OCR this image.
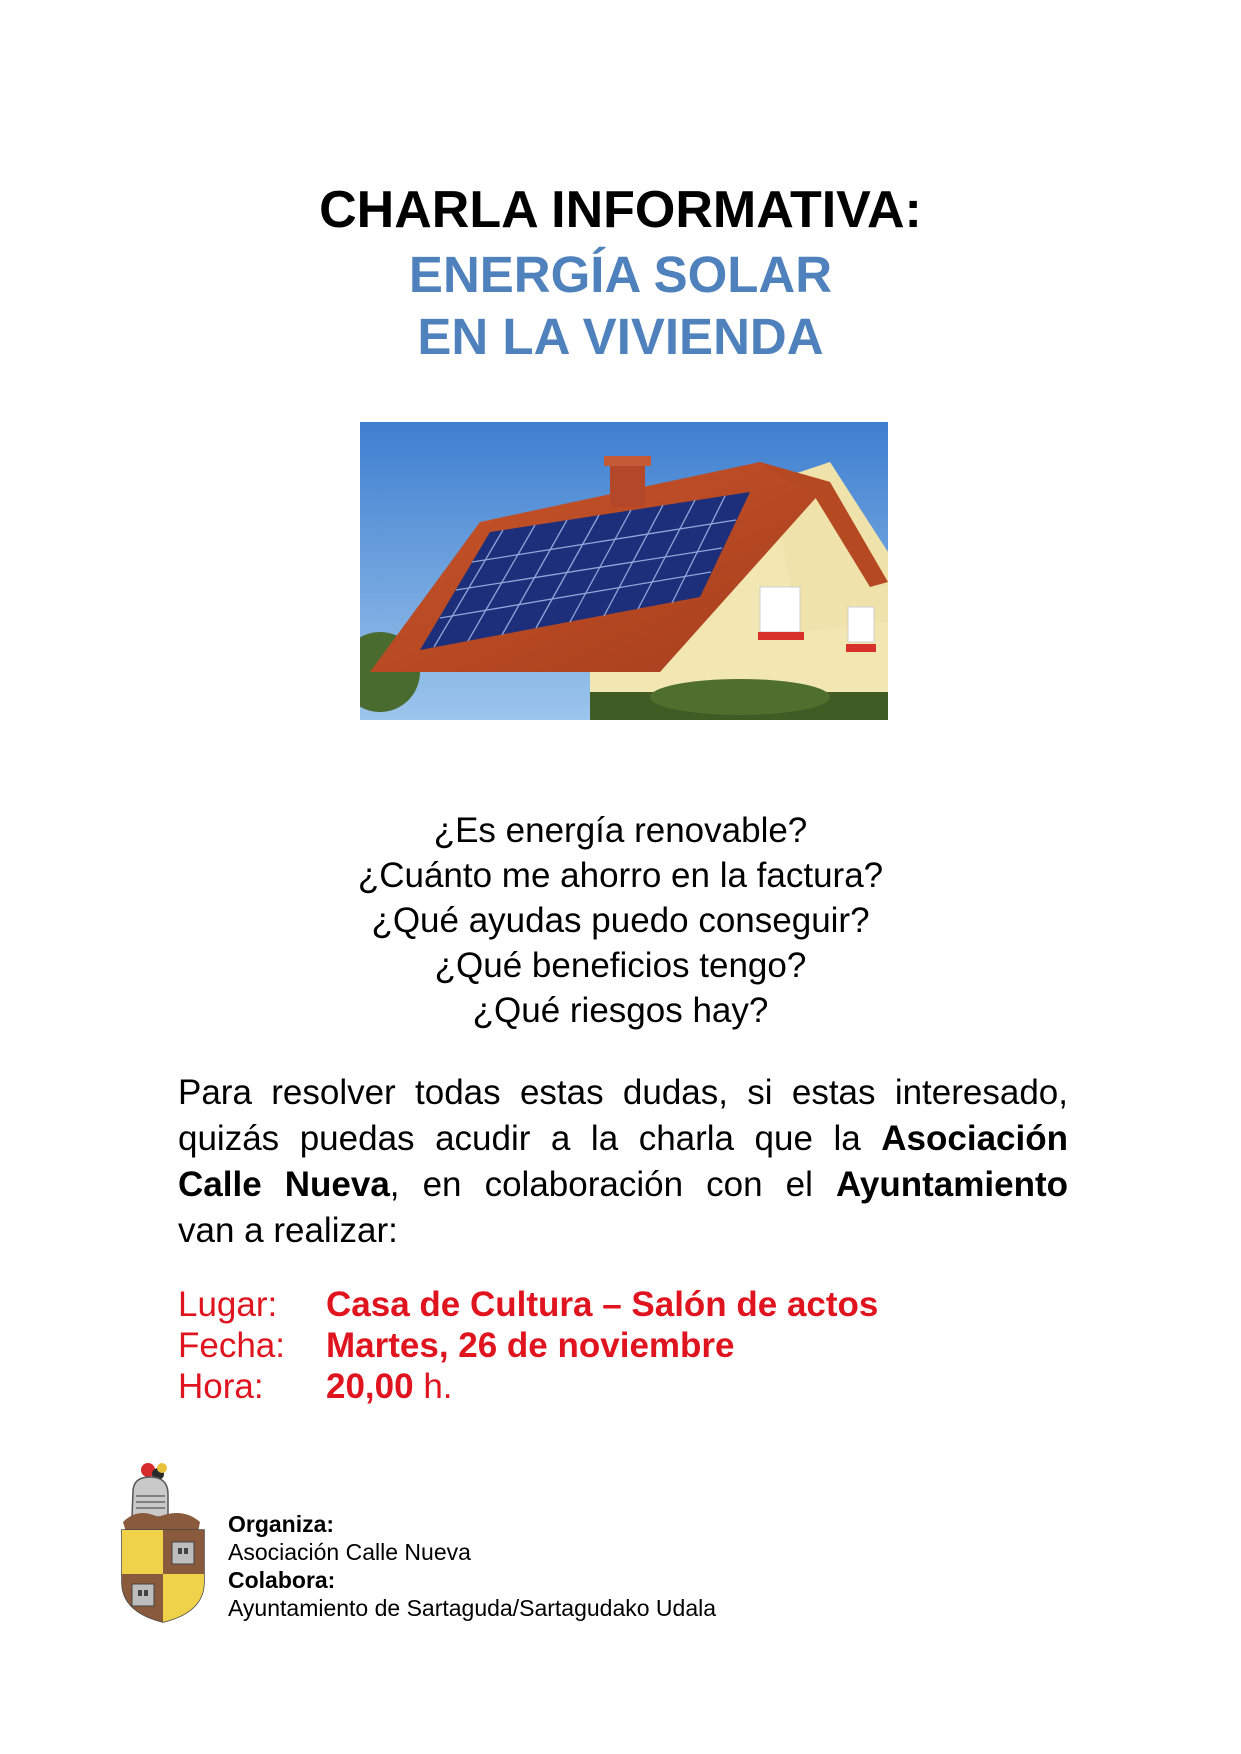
CHARLA INFORMATIVA:
ENERGÍA SOLAR
EN LA VIVIENDA
¿Es energía renovable?
¿Cuánto me ahorro en la factura?
¿Qué ayudas puedo conseguir?
¿Qué beneficios tengo?
¿Qué riesgos hay?
Para resolver todas estas dudas, si estas interesado,
quizás puedas acudir a la charla que la Asociación
Calle Nueva, en colaboración con el Ayuntamiento
van a realizar:
Lugar:	Casa de Cultura – Salón de actos
Fecha:	Martes, 26 de noviembre
Hora:	20,00 h.
Organiza:
Asociación Calle Nueva
Colabora:
Ayuntamiento de Sartaguda/Sartagudako Udala
